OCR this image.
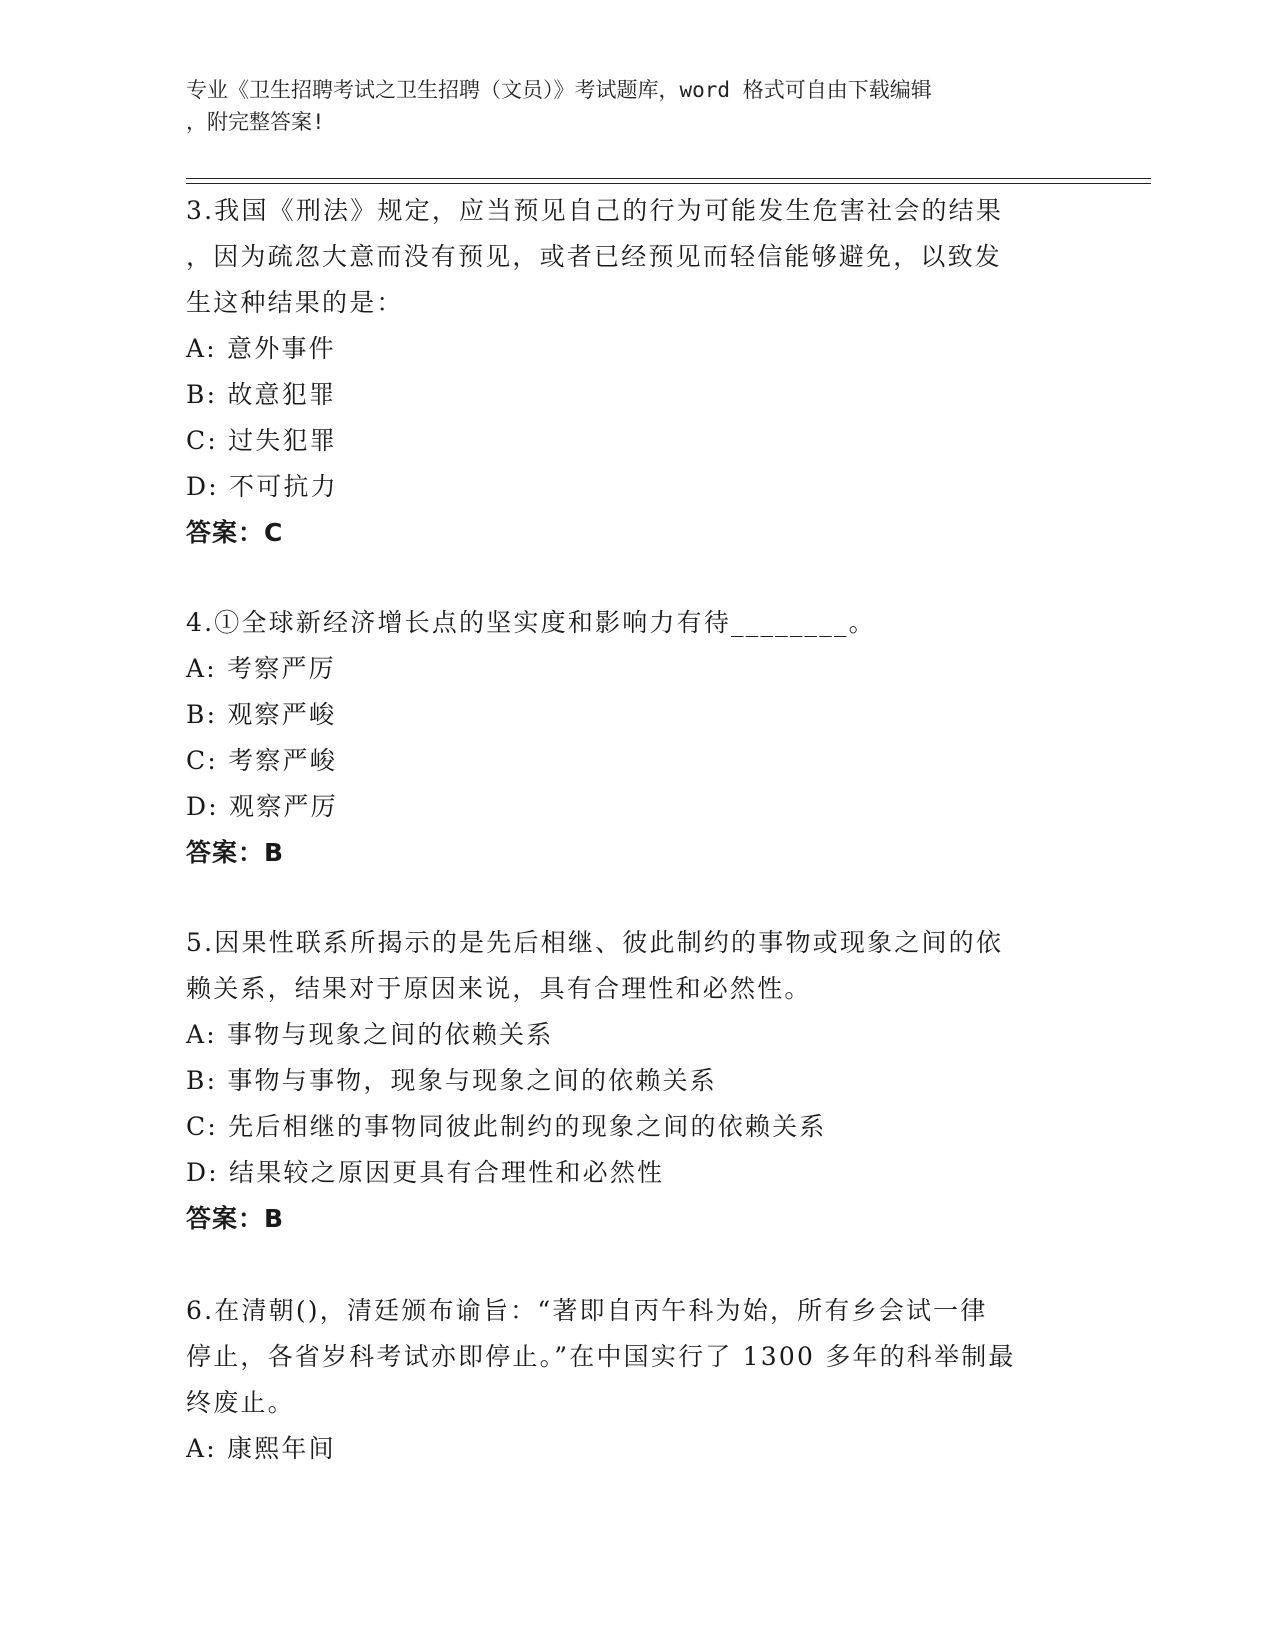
专业《卫生招聘考试之卫生招聘（文员）》考试题库，word 格式可自由下载编辑
，附完整答案!

3.我国《刑法》规定，应当预见自己的行为可能发生危害社会的结果

，因为疏忽大意而没有预见，或者已经预见而轻信能够避免，以致发

生这种结果的是：

A: 意外事件

B: 故意犯罪

C: 过失犯罪

D: 不可抗力

答案：C

4.①全球新经济增长点的坚实度和影响力有待________。

A: 考察严厉

B: 观察严峻

C: 考察严峻

D: 观察严厉

答案：B

5.因果性联系所揭示的是先后相继、彼此制约的事物或现象之间的依

赖关系，结果对于原因来说，具有合理性和必然性。

A: 事物与现象之间的依赖关系

B: 事物与事物，现象与现象之间的依赖关系

C: 先后相继的事物同彼此制约的现象之间的依赖关系

D: 结果较之原因更具有合理性和必然性

答案：B

6.在清朝()，清廷颁布谕旨：“著即自丙午科为始，所有乡会试一律

停止，各省岁科考试亦即停止。”在中国实行了 1300 多年的科举制最

终废止。

A: 康熙年间
